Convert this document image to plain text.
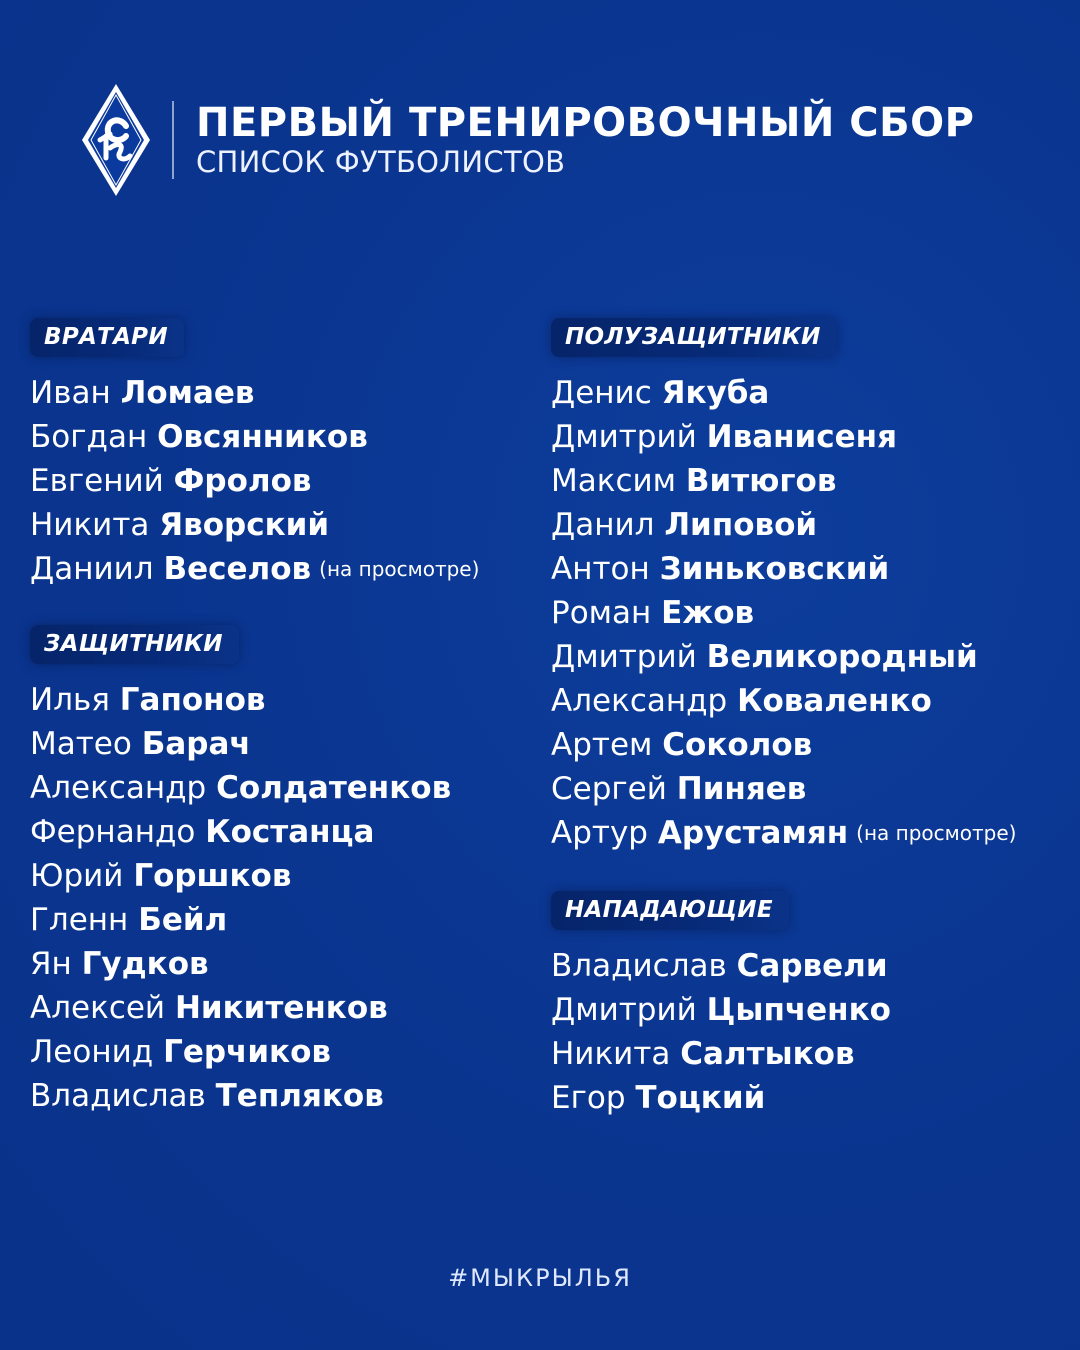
ПЕРВЫЙ ТРЕНИРОВОЧНЫЙ СБОР
СПИСОК ФУТБОЛИСТОВ
ВРАТАРИ
Иван Ломаев
Богдан Овсянников
Евгений Фролов
Никита Яворский
Даниил Веселов (на просмотре)
ЗАЩИТНИКИ
Илья Гапонов
Матео Барач
Александр Солдатенков
Фернандо Костанца
Юрий Горшков
Гленн Бейл
Ян Гудков
Алексей Никитенков
Леонид Герчиков
Владислав Тепляков
ПОЛУЗАЩИТНИКИ
Денис Якуба
Дмитрий Иванисеня
Максим Витюгов
Данил Липовой
Антон Зиньковский
Роман Ежов
Дмитрий Великородный
Александр Коваленко
Артем Соколов
Сергей Пиняев
Артур Арустамян (на просмотре)
НАПАДАЮЩИЕ
Владислав Сарвели
Дмитрий Цыпченко
Никита Салтыков
Егор Тоцкий
#МЫКРЫЛЬЯ
